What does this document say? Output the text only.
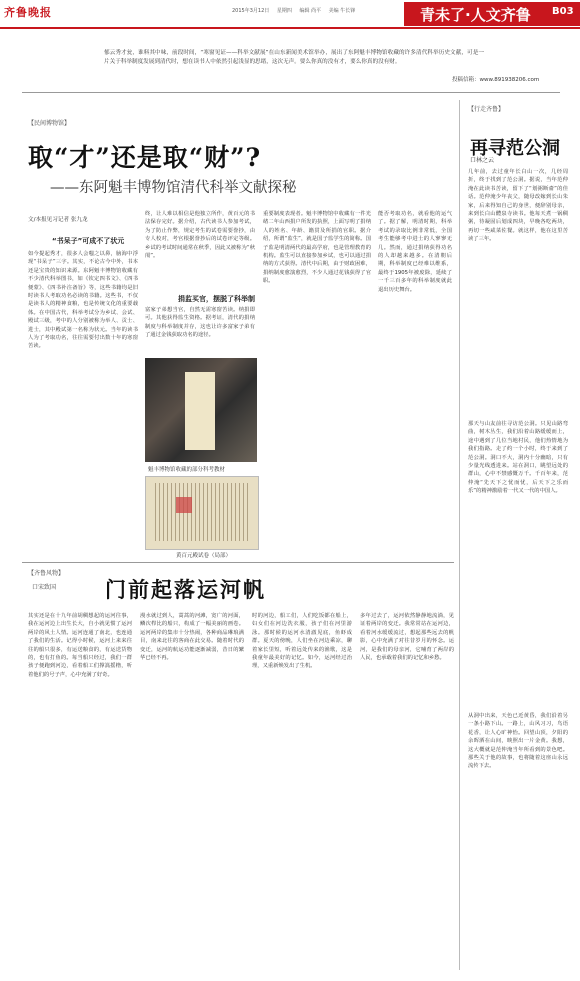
齐鲁晚报	2015年3月12日 星期四 编辑 尚平 美编 牛长锋	青未了·人文齐鲁 B03
郁云秀才瓮，谁料其中味，前段时间，“寒窗见证——科举文献展”在山东新闻美术馆举办，展出了东阿魁丰博物馆收藏的许多清代科举历史文献，可是一片关于科举制度发展到清代时，想在读书人中依然引起浅显的思绪，这次无声。要么你真的没有才，要么你真的没有财。
投稿信箱：www.891938206.com
【民间博物馆】
取“才”还是取“财”?
——东阿魁丰博物馆清代科举文献探秘
文/本报见习记者 张九龙
“书呆子”可成不了状元
如今提起秀才，很多人会嗤之以鼻，脑海中浮现“书呆子”三字。其实，不论古今中外，书本还是宝贵的知识来源。东阿魁丰博物馆收藏有不少清代科举图书，如《钦定四书文》、《四书便蒙》、《四书补注备旨》等，这些书籍均是旧时读书人考取功名必读的书籍。这些书，不仅是读书人的精神食粮，也是传统文化的重要载体。在中国古代，科举考试分为乡试、会试、殿试三级，考中的人分别被称为举人、贡士、进士，其中殿试第一名称为状元。当年的读书人为了考取功名，往往需要付出数十年的寒窗苦读。
终，让人难以相信是他独立所作，黄百元的书法保存完好。据介绍，古代读书人参加考试，为了防止作弊，规定考生的试卷需要誊抄，由专人校对，考官根据誊抄后的试卷评定等级。乡试的考试时间通常在秋季，因此又被称为“秋闱”。
捐监买官，摆脱了科举制
富家子弟想当官，自然无需寒窗苦读。纳捐即可。其他获得监生资格。据考证，清代的捐纳制度与科举制度并存，这也让许多富家子弟有了通过金钱获取功名的途径。
魁丰博物馆收藏的部分科考教材
黄百元殿试卷（局部）
重要制度表现者。魁丰博物馆中收藏有一件光绪二年山西捐户所发的执照，上面写明了捐纳人的姓名、年龄、籍贯及所捐的官职。据介绍，所谓“监生”，就是国子监学生的简称。国子监是明清两代的最高学府，也是管理教育的机构。监生可以直接参加乡试，也可以通过捐纳的方式获得。清代中后期，由于财政困难，捐纳制度愈演愈烈，不少人通过花钱获得了官职。
能否考取功名，就看他的运气了。据了解，明清时期，科举考试的录取比例非常低，全国考生能够考中进士的人寥寥无几。然而，通过捐纳获得功名的人却越来越多。在清朝后期，科举制度已经难以维系，最终于1905年被废除，延续了一千三百多年的科举制度就此退出历史舞台。
【行走齐鲁】
再寻范公洞
口林之云
几年前，去过童年长白山一次，几经周折，终于找到了范公洞。据说，当年范仲淹在此读书苦读，留下了“划粥断齑”的佳话。范仲淹少年丧父，随母改嫁到长山朱家，后来得知自己的身世，便辞别母亲，来到长白山醴泉寺读书。他每天煮一锅稠粥，待凝固后划成四块，早晚各吃两块，再切一些咸菜佐餐。就这样，他在这里苦读了三年。
那天与山友前往寻访范公洞。只见山路弯曲，树木丛生，我们沿着山路缓缓而上，途中遇到了几位当地村民，他们热情地为我们指路。走了约一个小时，终于来到了范公洞。洞口不大，洞内十分幽暗，只有少量光线透进来。站在洞口，眺望远处的群山，心中不禁感慨万千。千百年来，范仲淹“先天下之忧而忧，后天下之乐而乐”的精神激励着一代又一代的中国人。
从洞中出来，天色已近黄昏，我们沿着另一条小路下山。一路上，山风习习，鸟语花香，让人心旷神怡。回望山顶，夕阳的余晖洒在山间，映照出一片金黄。我想，这大概就是范仲淹当年所看到的景色吧。那些关于他的故事，也将随着这座山永远流传下去。
【齐鲁风物】
口宋致国 门前起落运河帆
其实还是在十九年前胡稠想起的运河往事，我在运河边上出生长大，自小就见惯了运河两岸的风土人情。运河连通了南北，也连通了我们的生活。记得小时候，运河上来来往往的船只很多，有运送粮食的，有运送货物的，也有打鱼的。每当船只经过，我们一群孩子便跑到河边，看着船工们撑篙摇橹，听着他们的号子声，心中充满了好奇。
漫水就过到人，蒿蒿的河滩，宽广的河面，鳞次栉比的船只，构成了一幅美丽的画卷。运河两岸的集市十分热闹，各种商品琳琅满目，南来北往的客商在此交易。随着时代的变迁，运河的航运功能逐渐减弱，昔日的繁华已经不再。
时的河边，船工们，人们吃饭都在船上，妇女们在河边洗衣服，孩子们在河里游泳。那时候的运河水清澈见底，鱼虾成群。夏天的傍晚，人们坐在河边乘凉，聊着家长里短，听着远处传来的渔歌，这是我童年最美好的记忆。如今，运河经过治理，又重新焕发出了生机。
多年过去了，运河依然静静地流淌，见证着两岸的变迁。我常常站在运河边，看着河水缓缓流过，想起那些远去的帆影，心中充满了对往昔岁月的怀念。运河，是我们的母亲河，它哺育了两岸的人民，也承载着我们的记忆和乡愁。
